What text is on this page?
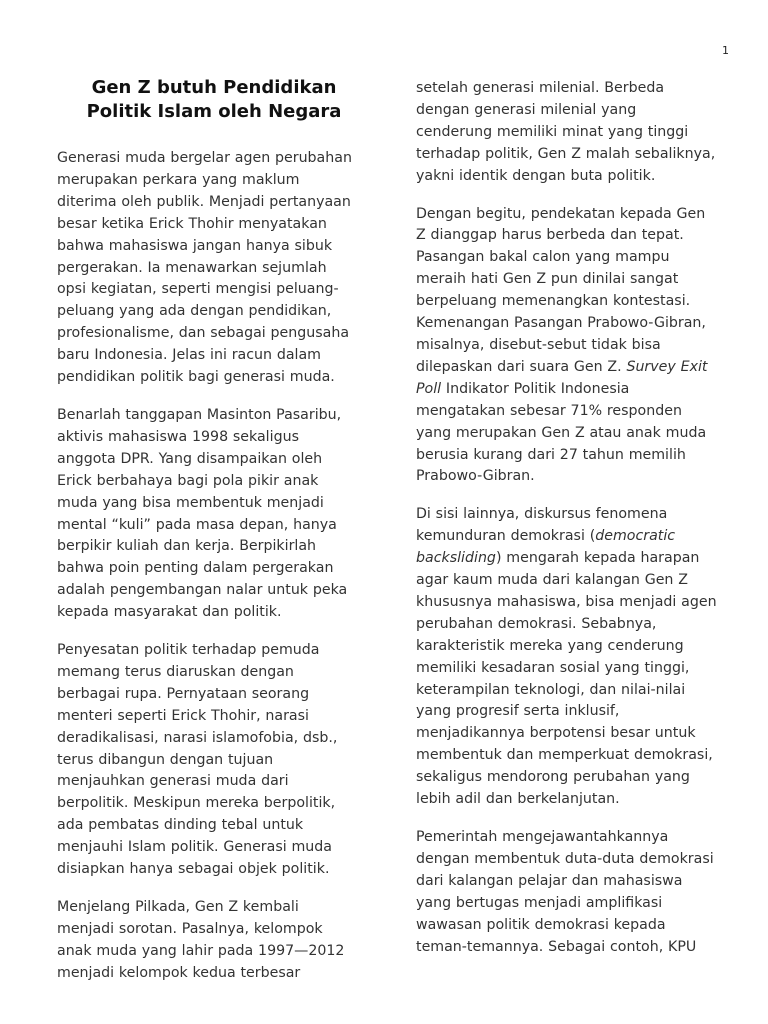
1
Gen Z butuh Pendidikan
Politik Islam oleh Negara

Generasi muda bergelar agen perubahan
merupakan perkara yang maklum
diterima oleh publik. Menjadi pertanyaan
besar ketika Erick Thohir menyatakan
bahwa mahasiswa jangan hanya sibuk
pergerakan. Ia menawarkan sejumlah
opsi kegiatan, seperti mengisi peluang-
peluang yang ada dengan pendidikan,
profesionalisme, dan sebagai pengusaha
baru Indonesia. Jelas ini racun dalam
pendidikan politik bagi generasi muda.

Benarlah tanggapan Masinton Pasaribu,
aktivis mahasiswa 1998 sekaligus
anggota DPR. Yang disampaikan oleh
Erick berbahaya bagi pola pikir anak
muda yang bisa membentuk menjadi
mental “kuli” pada masa depan, hanya
berpikir kuliah dan kerja. Berpikirlah
bahwa poin penting dalam pergerakan
adalah pengembangan nalar untuk peka
kepada masyarakat dan politik.

Penyesatan politik terhadap pemuda
memang terus diaruskan dengan
berbagai rupa. Pernyataan seorang
menteri seperti Erick Thohir, narasi
deradikalisasi, narasi islamofobia, dsb.,
terus dibangun dengan tujuan
menjauhkan generasi muda dari
berpolitik. Meskipun mereka berpolitik,
ada pembatas dinding tebal untuk
menjauhi Islam politik. Generasi muda
disiapkan hanya sebagai objek politik.

Menjelang Pilkada, Gen Z kembali
menjadi sorotan. Pasalnya, kelompok
anak muda yang lahir pada 1997—2012
menjadi kelompok kedua terbesar

setelah generasi milenial. Berbeda
dengan generasi milenial yang
cenderung memiliki minat yang tinggi
terhadap politik, Gen Z malah sebaliknya,
yakni identik dengan buta politik.

Dengan begitu, pendekatan kepada Gen
Z dianggap harus berbeda dan tepat.
Pasangan bakal calon yang mampu
meraih hati Gen Z pun dinilai sangat
berpeluang memenangkan kontestasi.
Kemenangan Pasangan Prabowo-Gibran,
misalnya, disebut-sebut tidak bisa
dilepaskan dari suara Gen Z. Survey Exit
Poll Indikator Politik Indonesia
mengatakan sebesar 71% responden
yang merupakan Gen Z atau anak muda
berusia kurang dari 27 tahun memilih
Prabowo-Gibran.

Di sisi lainnya, diskursus fenomena
kemunduran demokrasi (democratic
backsliding) mengarah kepada harapan
agar kaum muda dari kalangan Gen Z
khususnya mahasiswa, bisa menjadi agen
perubahan demokrasi. Sebabnya,
karakteristik mereka yang cenderung
memiliki kesadaran sosial yang tinggi,
keterampilan teknologi, dan nilai-nilai
yang progresif serta inklusif,
menjadikannya berpotensi besar untuk
membentuk dan memperkuat demokrasi,
sekaligus mendorong perubahan yang
lebih adil dan berkelanjutan.

Pemerintah mengejawantahkannya
dengan membentuk duta-duta demokrasi
dari kalangan pelajar dan mahasiswa
yang bertugas menjadi amplifikasi
wawasan politik demokrasi kepada
teman-temannya. Sebagai contoh, KPU
